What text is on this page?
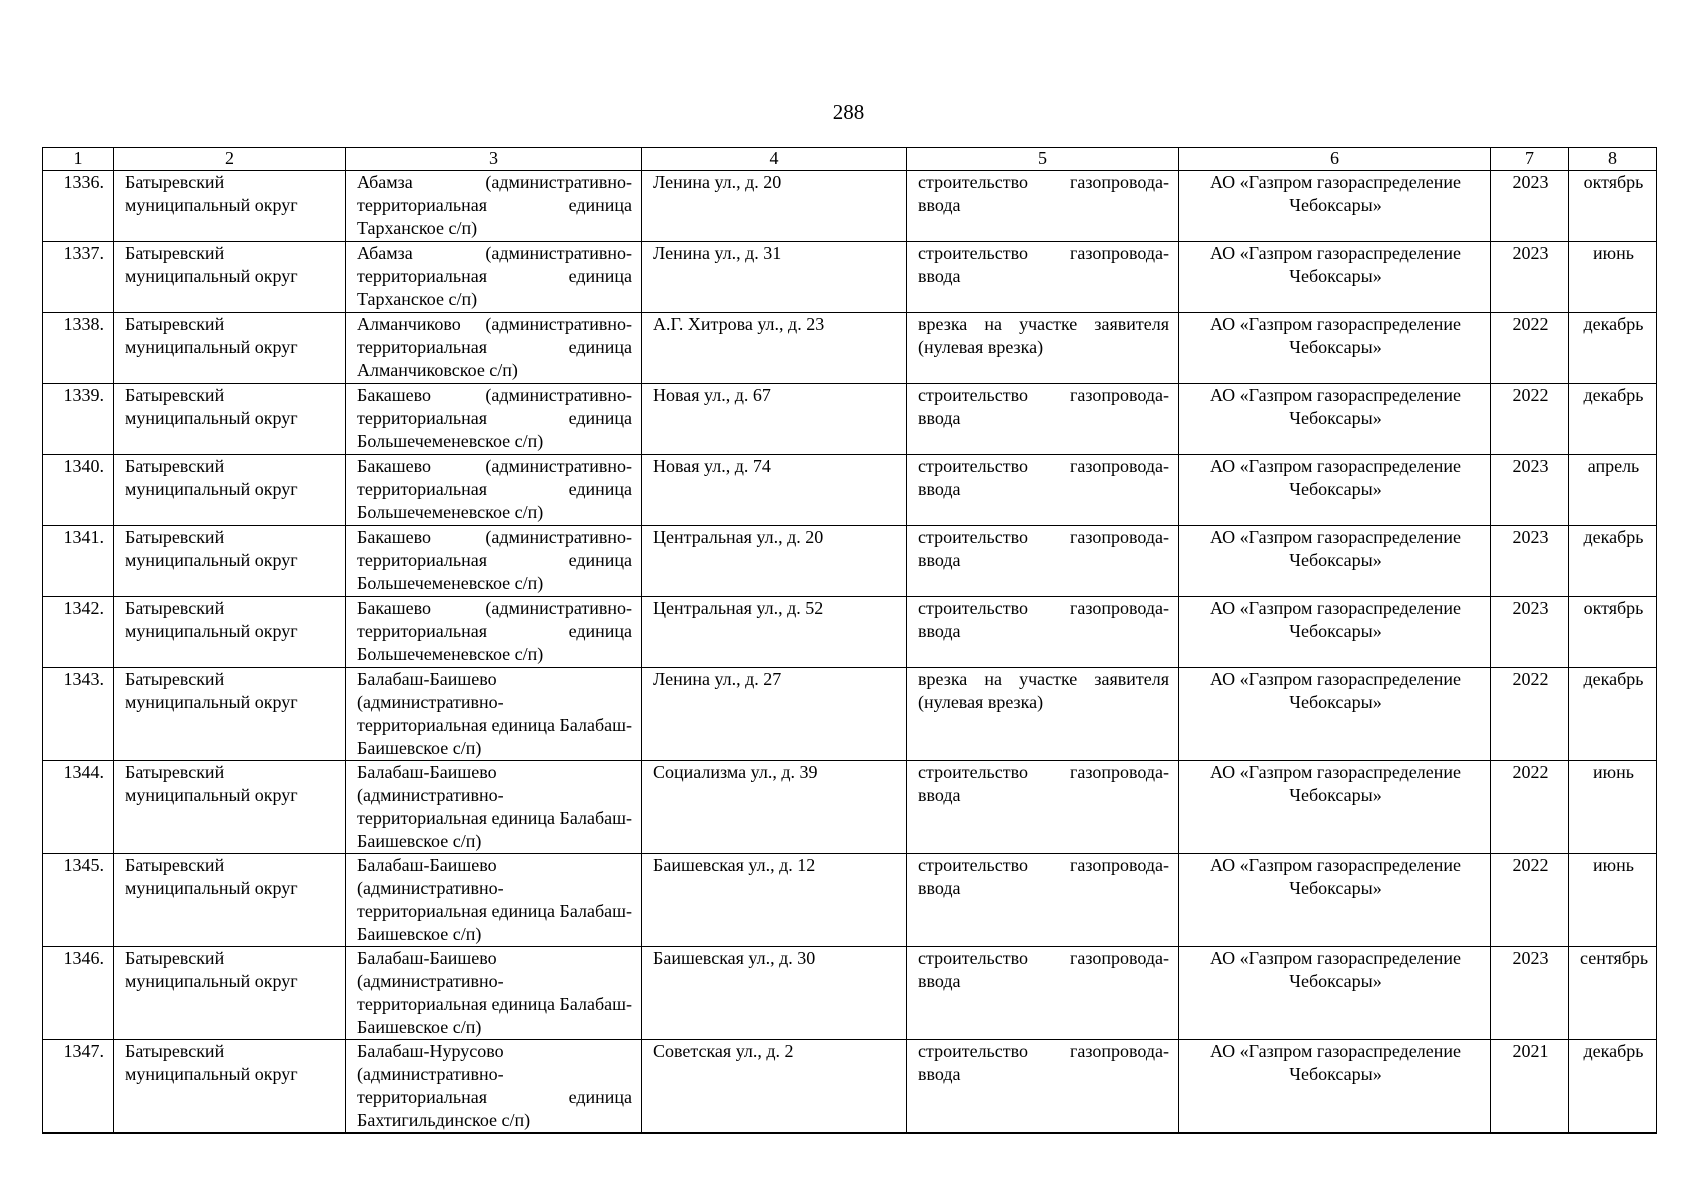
288
1	2	3	4	5	6	7	8
1336.	Батыревский муниципальный округ	Абамза (административно-территориальная единица Тарханское с/п)	Ленина ул., д. 20	строительство газопровода-ввода	АО «Газпром газораспределение Чебоксары»	2023	октябрь
1337.	Батыревский муниципальный округ	Абамза (административно-территориальная единица Тарханское с/п)	Ленина ул., д. 31	строительство газопровода-ввода	АО «Газпром газораспределение Чебоксары»	2023	июнь
1338.	Батыревский муниципальный округ	Алманчиково (административно-территориальная единица Алманчиковское с/п)	А.Г. Хитрова ул., д. 23	врезка на участке заявителя (нулевая врезка)	АО «Газпром газораспределение Чебоксары»	2022	декабрь
1339.	Батыревский муниципальный округ	Бакашево (административно-территориальная единица Большечеменевское с/п)	Новая ул., д. 67	строительство газопровода-ввода	АО «Газпром газораспределение Чебоксары»	2022	декабрь
1340.	Батыревский муниципальный округ	Бакашево (административно-территориальная единица Большечеменевское с/п)	Новая ул., д. 74	строительство газопровода-ввода	АО «Газпром газораспределение Чебоксары»	2023	апрель
1341.	Батыревский муниципальный округ	Бакашево (административно-территориальная единица Большечеменевское с/п)	Центральная ул., д. 20	строительство газопровода-ввода	АО «Газпром газораспределение Чебоксары»	2023	декабрь
1342.	Батыревский муниципальный округ	Бакашево (административно-территориальная единица Большечеменевское с/п)	Центральная ул., д. 52	строительство газопровода-ввода	АО «Газпром газораспределение Чебоксары»	2023	октябрь
1343.	Батыревский муниципальный округ	Балабаш-Баишево (административно-территориальная единица Балабаш-Баишевское с/п)	Ленина ул., д. 27	врезка на участке заявителя (нулевая врезка)	АО «Газпром газораспределение Чебоксары»	2022	декабрь
1344.	Батыревский муниципальный округ	Балабаш-Баишево (административно-территориальная единица Балабаш-Баишевское с/п)	Социализма ул., д. 39	строительство газопровода-ввода	АО «Газпром газораспределение Чебоксары»	2022	июнь
1345.	Батыревский муниципальный округ	Балабаш-Баишево (административно-территориальная единица Балабаш-Баишевское с/п)	Баишевская ул., д. 12	строительство газопровода-ввода	АО «Газпром газораспределение Чебоксары»	2022	июнь
1346.	Батыревский муниципальный округ	Балабаш-Баишево (административно-территориальная единица Балабаш-Баишевское с/п)	Баишевская ул., д. 30	строительство газопровода-ввода	АО «Газпром газораспределение Чебоксары»	2023	сентябрь
1347.	Батыревский муниципальный округ	Балабаш-Нурусово (административно-территориальная единица Бахтигильдинское с/п)	Советская ул., д. 2	строительство газопровода-ввода	АО «Газпром газораспределение Чебоксары»	2021	декабрь
